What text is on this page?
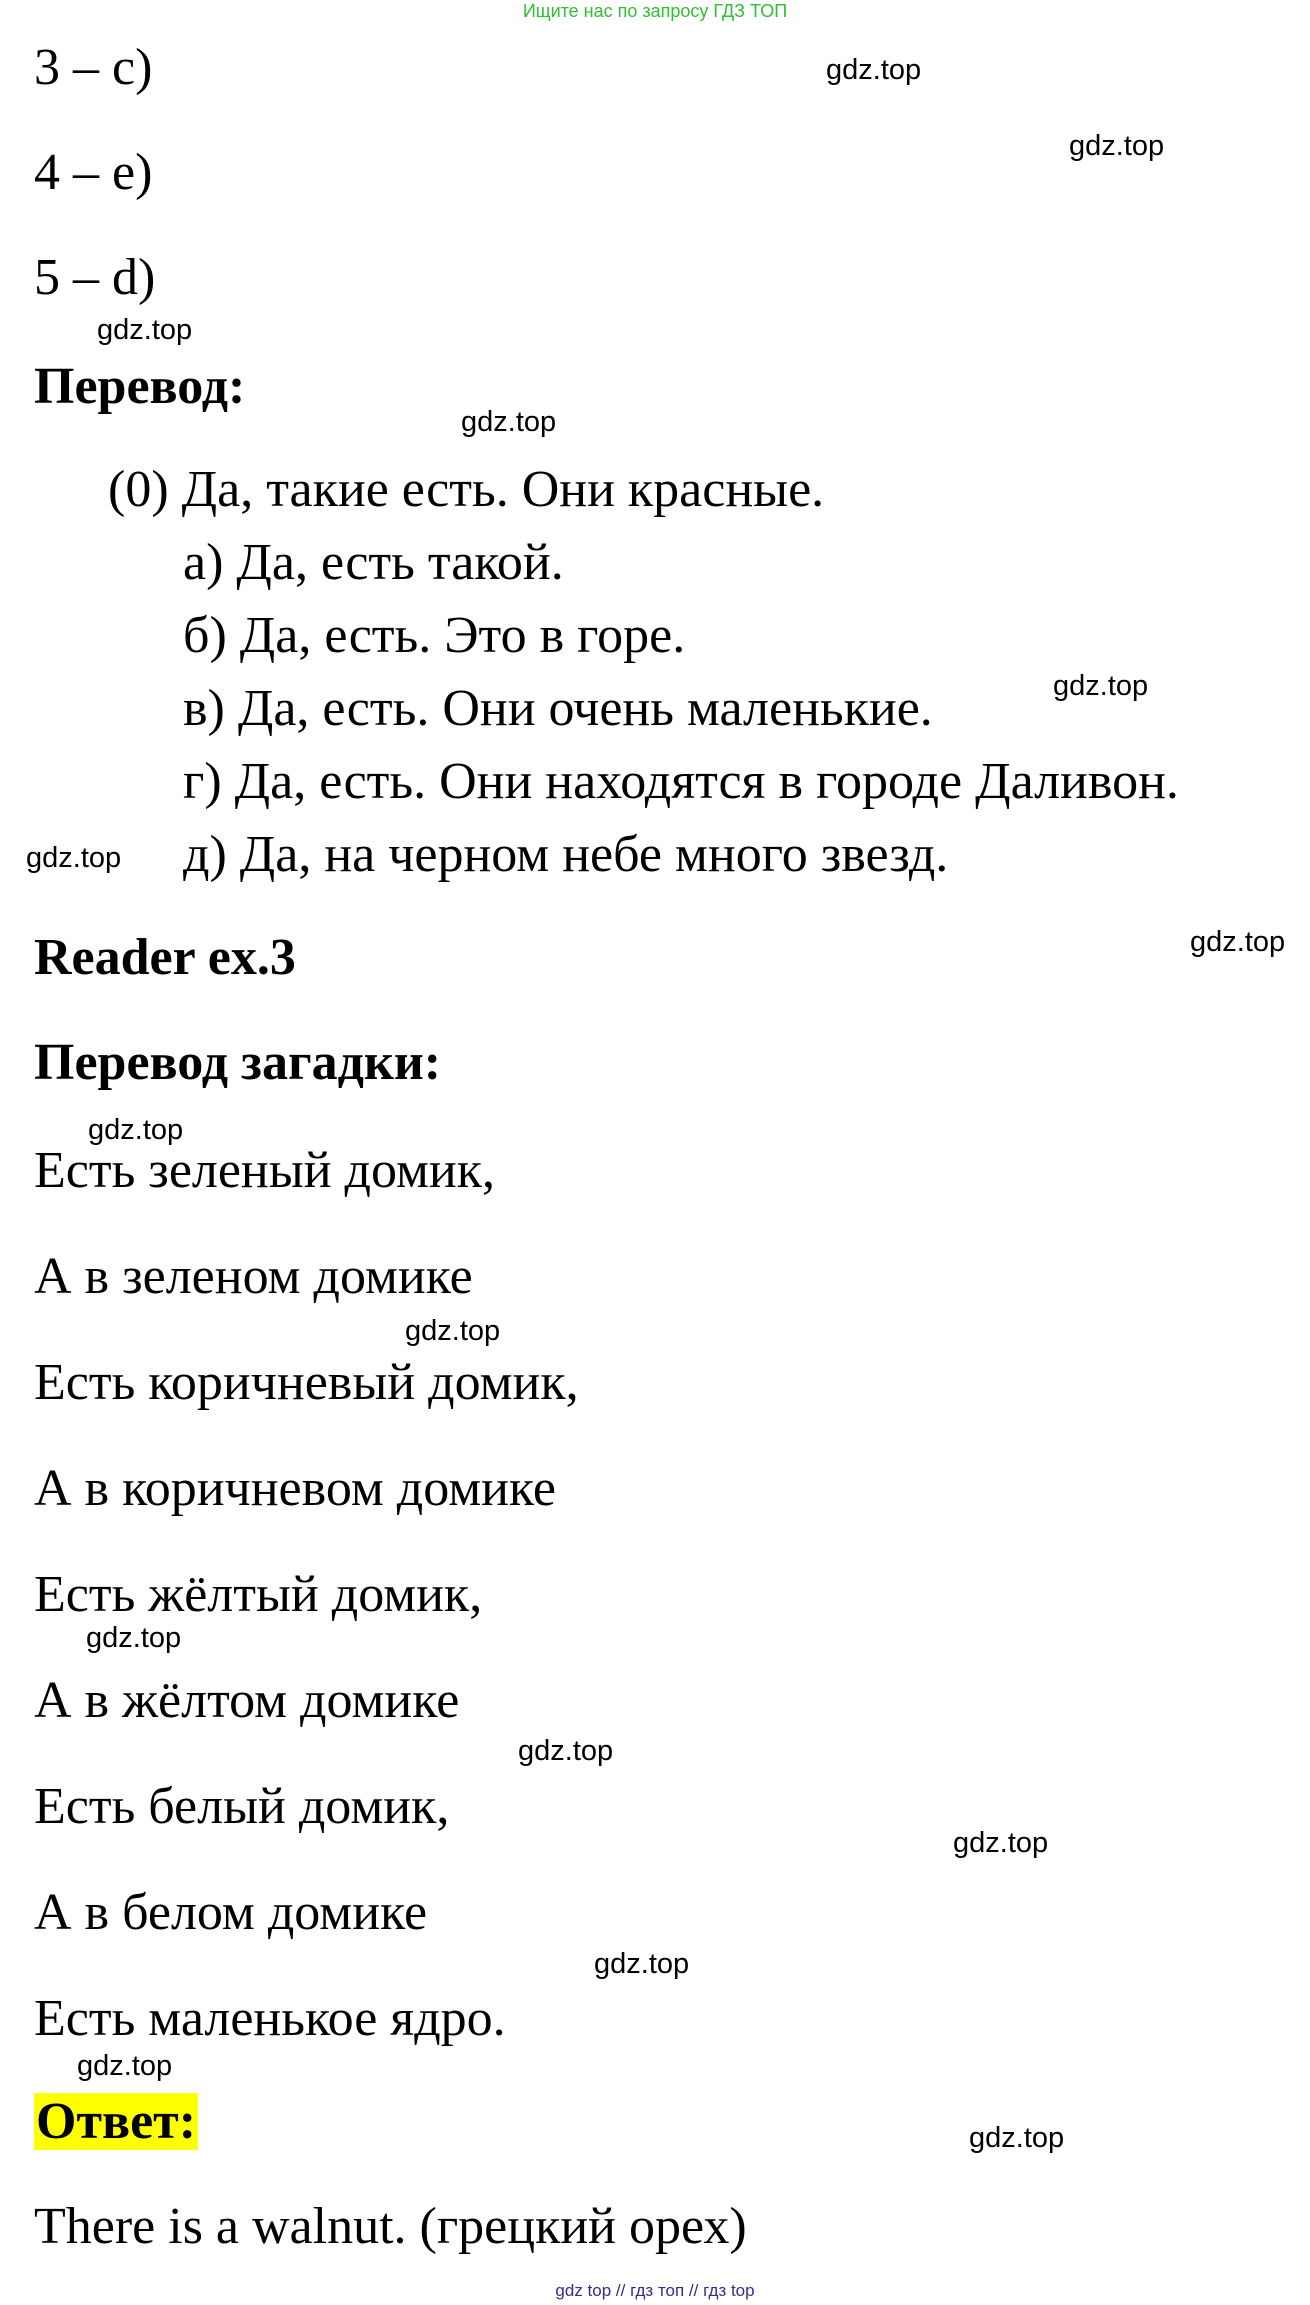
Ищите нас по запросу ГДЗ ТОП
3 – c)
4 – e)
5 – d)
Перевод:
(0) Да, такие есть. Они красные.
а) Да, есть такой.
б) Да, есть. Это в горе.
в) Да, есть. Они очень маленькие.
г) Да, есть. Они находятся в городе Даливон.
д) Да, на черном небе много звезд.
Reader ex.3
Перевод загадки:
Есть зеленый домик,
А в зеленом домике
Есть коричневый домик,
А в коричневом домике
Есть жёлтый домик,
А в жёлтом домике
Есть белый домик,
А в белом домике
Есть маленькое ядро.
Ответ:
There is a walnut. (грецкий орех)
gdz.top
gdz.top
gdz.top
gdz.top
gdz.top
gdz.top
gdz.top
gdz.top
gdz.top
gdz.top
gdz.top
gdz.top
gdz.top
gdz.top
gdz.top
gdz top // гдз топ // гдз top
